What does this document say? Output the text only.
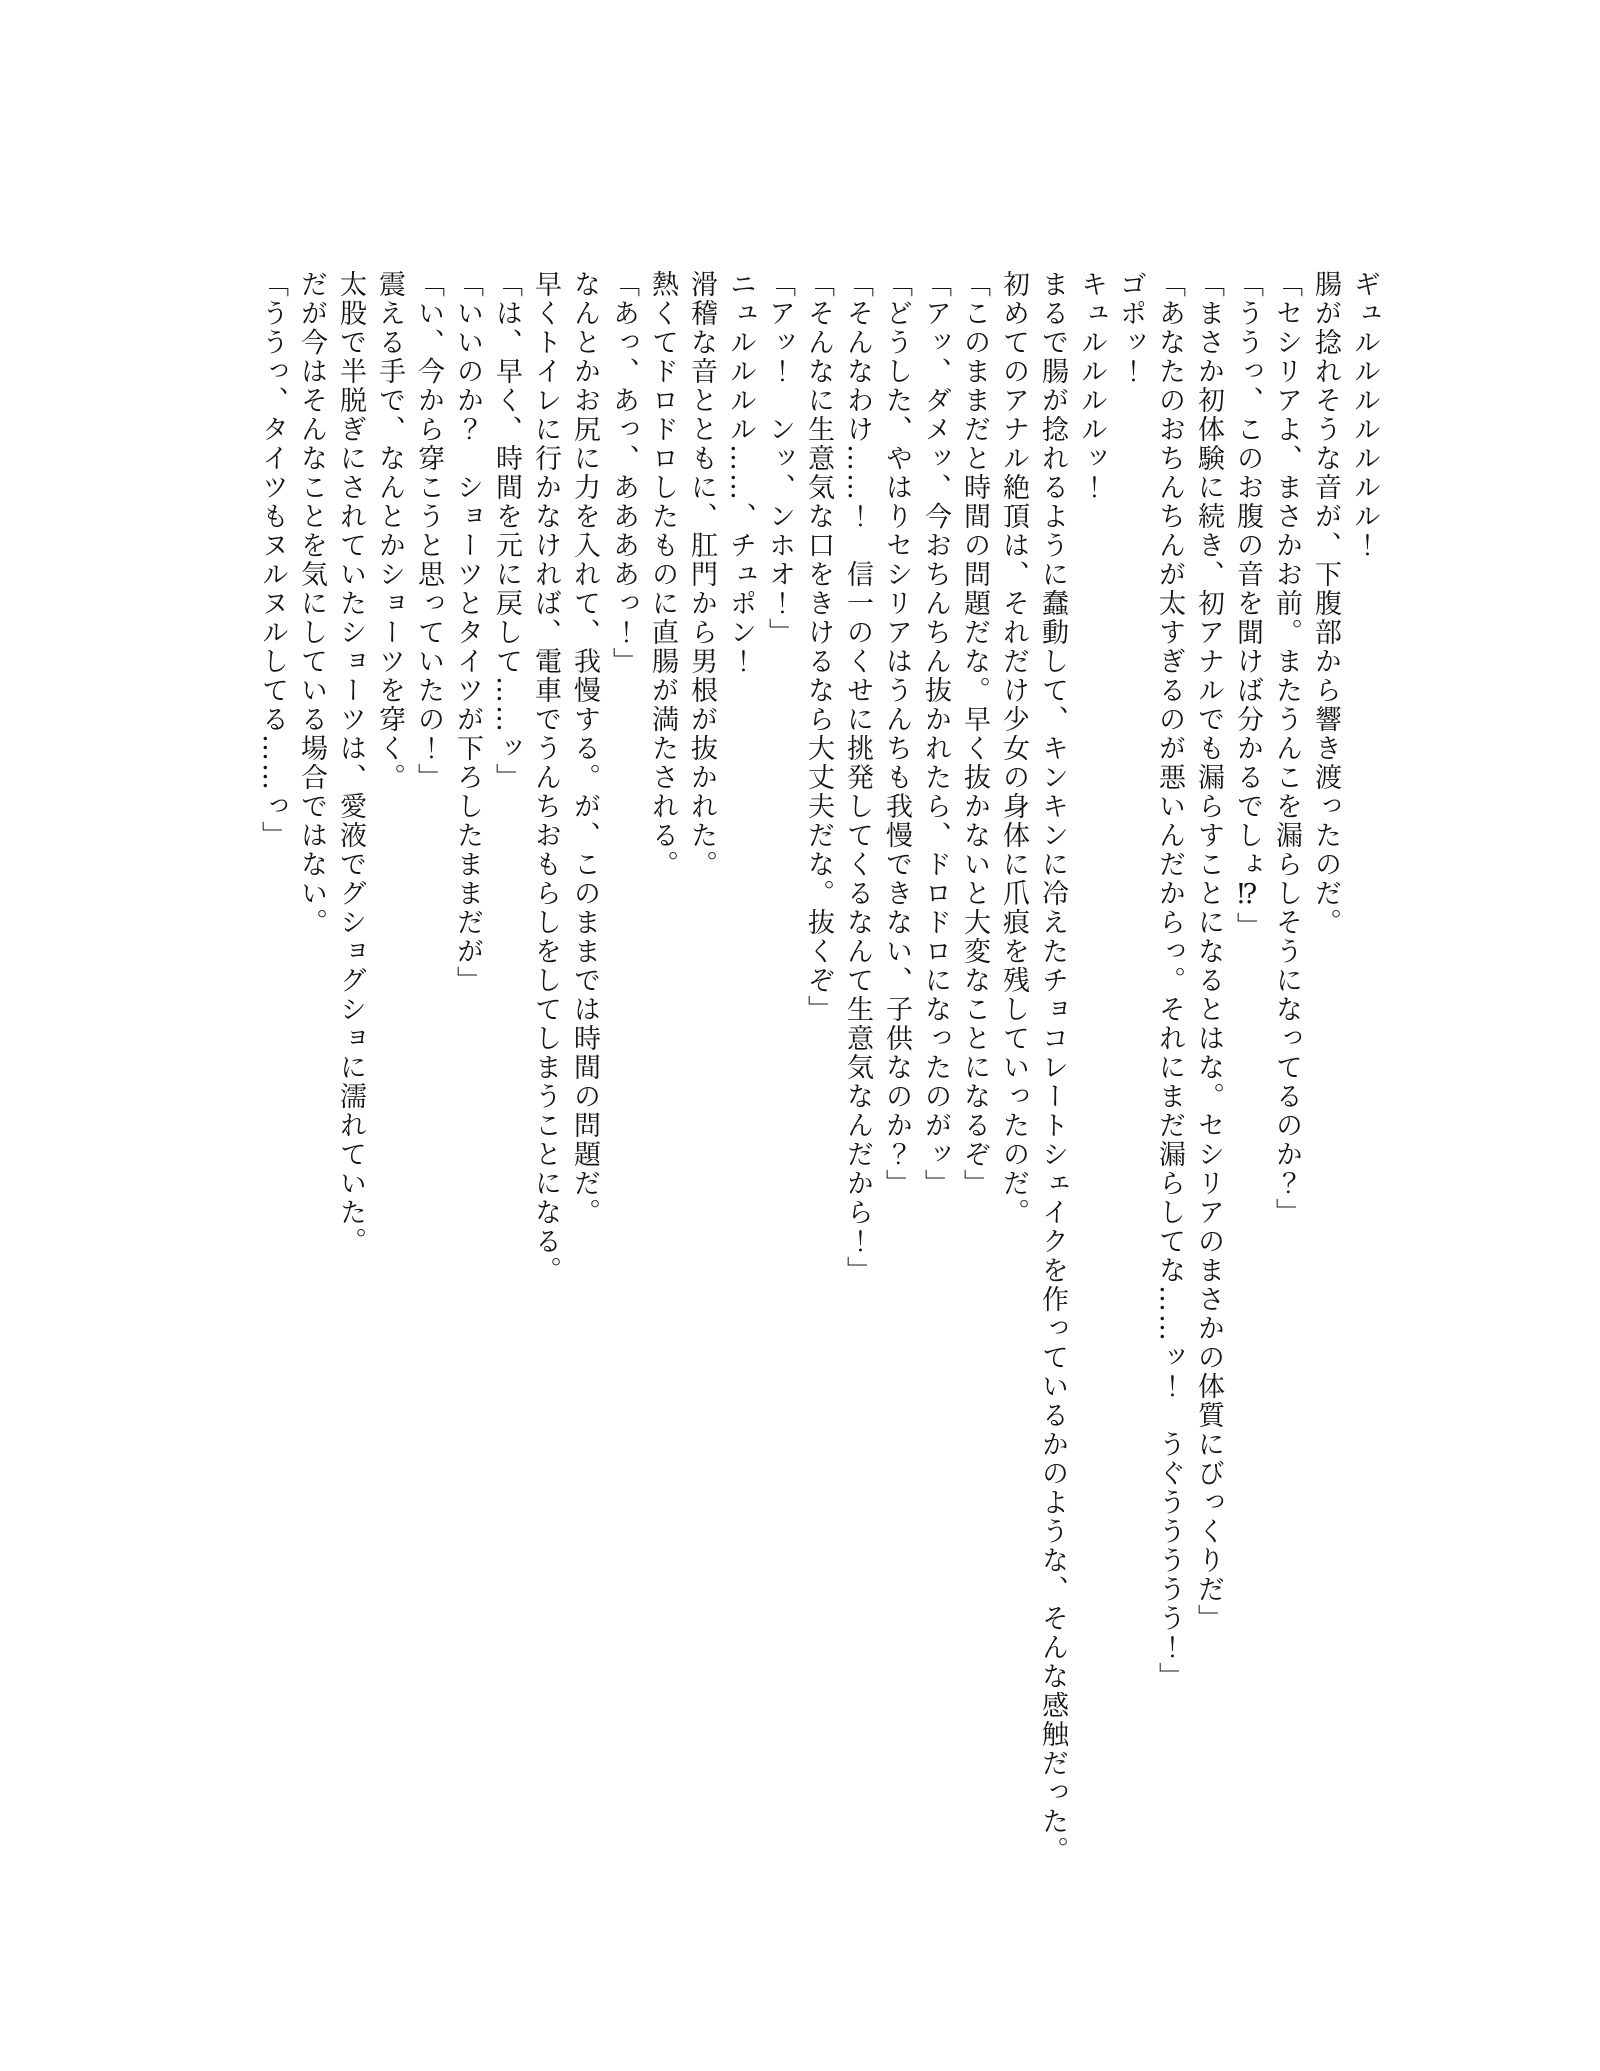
ギュルルルルルルル！

腸が捻れそうな音が、下腹部から響き渡ったのだ。

「セシリアよ、まさかお前。またうんこを漏らしそうになってるのか？」

「ううっ、このお腹の音を聞けば分かるでしょ⁉」

「まさか初体験に続き、初アナルでも漏らすことになるとはな。セシリアのまさかの体質にびっくりだ」

「あなたのおちんちんが太すぎるのが悪いんだからっ。それにまだ漏らしてな……ッ！　うぐううううう！」

ゴポッ！

キュルルルルッ！

まるで腸が捻れるように蠢動して、キンキンに冷えたチョコレートシェイクを作っているかのような、そんな感触だった。

初めてのアナル絶頂は、それだけ少女の身体に爪痕を残していったのだ。

「このままだと時間の問題だな。早く抜かないと大変なことになるぞ」

「アッ、ダメッ、今おちんちん抜かれたら、ドロドロになったのがッ」

「どうした、やはりセシリアはうんちも我慢できない、子供なのか？」

「そんなわけ……！　信一のくせに挑発してくるなんて生意気なんだから！」

「そんなに生意気な口をきけるなら大丈夫だな。抜くぞ」

「アッ！　ンッ、ンホオ！」

ニュルルルル……、チュポン！

滑稽な音とともに、肛門から男根が抜かれた。

熱くてドロドロしたものに直腸が満たされる。

「あっ、あっ、ああああっ！」

なんとかお尻に力を入れて、我慢する。が、このままでは時間の問題だ。

早くトイレに行かなければ、電車でうんちおもらしをしてしまうことになる。

「は、早く、時間を元に戻して……ッ」

「いいのか？　ショーツとタイツが下ろしたままだが」

「い、今から穿こうと思っていたの！」

震える手で、なんとかショーツを穿く。

太股で半脱ぎにされていたショーツは、愛液でグショグショに濡れていた。

だが今はそんなことを気にしている場合ではない。

「ううっ、タイツもヌルヌルしてる……っ」
